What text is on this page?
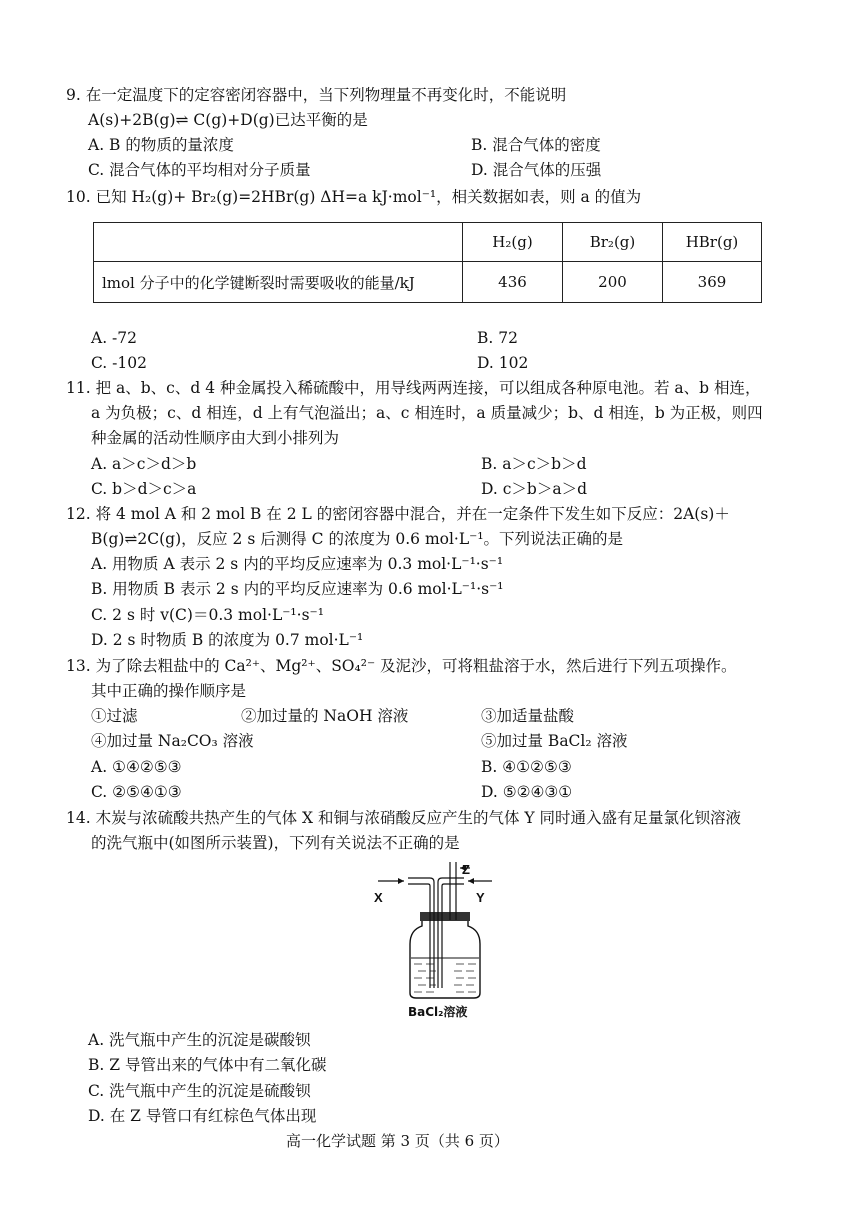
9. 在一定温度下的定容密闭容器中，当下列物理量不再变化时，不能说明
A(s)+2B(g)⇌ C(g)+D(g)已达平衡的是
A. B 的物质的量浓度	B. 混合气体的密度
C. 混合气体的平均相对分子质量	D. 混合气体的压强
10. 已知 H₂(g)+ Br₂(g)=2HBr(g) ΔH=a kJ·mol⁻¹，相关数据如表，则 a 的值为
	H₂(g)	Br₂(g)	HBr(g)
lmol 分子中的化学键断裂时需要吸收的能量/kJ	436	200	369
A. -72	B. 72
C. -102	D. 102
11. 把 a、b、c、d 4 种金属投入稀硫酸中，用导线两两连接，可以组成各种原电池。若 a、b 相连，
a 为负极；c、d 相连，d 上有气泡溢出；a、c 相连时，a 质量减少；b、d 相连，b 为正极，则四
种金属的活动性顺序由大到小排列为
A. a＞c＞d＞b	B. a＞c＞b＞d
C. b＞d＞c＞a	D. c＞b＞a＞d
12. 将 4 mol A 和 2 mol B 在 2 L 的密闭容器中混合，并在一定条件下发生如下反应：2A(s)＋
B(g)⇌2C(g)，反应 2 s 后测得 C 的浓度为 0.6 mol·L⁻¹。下列说法正确的是
A. 用物质 A 表示 2 s 内的平均反应速率为 0.3 mol·L⁻¹·s⁻¹
B. 用物质 B 表示 2 s 内的平均反应速率为 0.6 mol·L⁻¹·s⁻¹
C. 2 s 时 v(C)＝0.3 mol·L⁻¹·s⁻¹
D. 2 s 时物质 B 的浓度为 0.7 mol·L⁻¹
13. 为了除去粗盐中的 Ca²⁺、Mg²⁺、SO₄²⁻ 及泥沙，可将粗盐溶于水，然后进行下列五项操作。
其中正确的操作顺序是
①过滤	②加过量的 NaOH 溶液	③加适量盐酸
④加过量 Na₂CO₃ 溶液	⑤加过量 BaCl₂ 溶液
A. ①④②⑤③	B. ④①②⑤③
C. ②⑤④①③	D. ⑤②④③①
14. 木炭与浓硫酸共热产生的气体 X 和铜与浓硝酸反应产生的气体 Y 同时通入盛有足量氯化钡溶液
的洗气瓶中(如图所示装置)，下列有关说法不正确的是
X	Y
Z
BaCl₂溶液
A. 洗气瓶中产生的沉淀是碳酸钡
B. Z 导管出来的气体中有二氧化碳
C. 洗气瓶中产生的沉淀是硫酸钡
D. 在 Z 导管口有红棕色气体出现
高一化学试题 第 3 页（共 6 页）
